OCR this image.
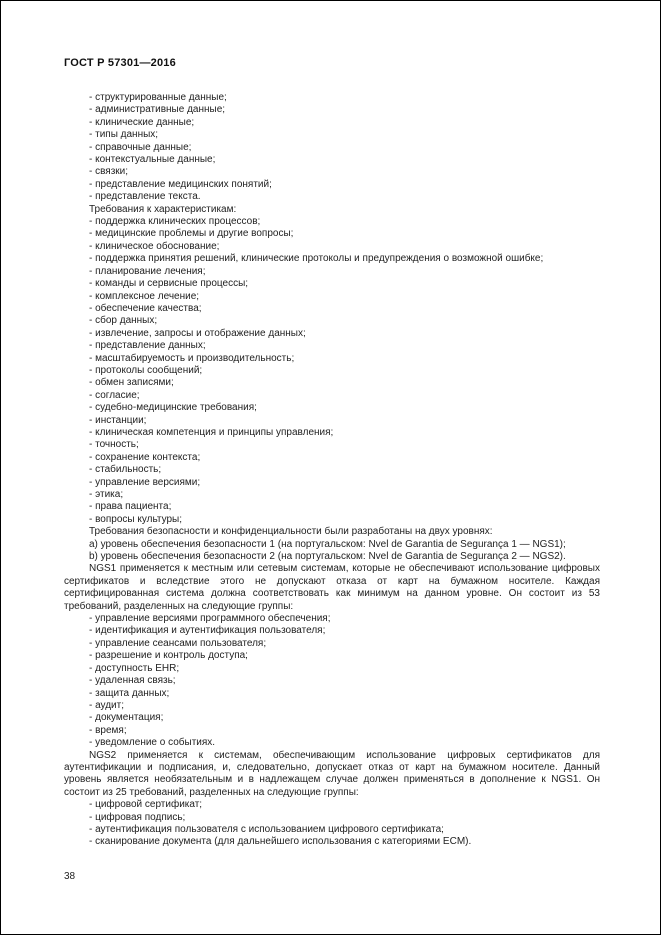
ГОСТ Р 57301—2016
- структурированные данные;
- административные данные;
- клинические данные;
- типы данных;
- справочные данные;
- контекстуальные данные;
- связки;
- представление медицинских понятий;
- представление текста.
Требования к характеристикам:
- поддержка клинических процессов;
- медицинские проблемы и другие вопросы;
- клиническое обоснование;
- поддержка принятия решений, клинические протоколы и предупреждения о возможной ошибке;
- планирование лечения;
- команды и сервисные процессы;
- комплексное лечение;
- обеспечение качества;
- сбор данных;
- извлечение, запросы и отображение данных;
- представление данных;
- масштабируемость и производительность;
- протоколы сообщений;
- обмен записями;
- согласие;
- судебно-медицинские требования;
- инстанции;
- клиническая компетенция и принципы управления;
- точность;
- сохранение контекста;
- стабильность;
- управление версиями;
- этика;
- права пациента;
- вопросы культуры;
Требования безопасности и конфиденциальности были разработаны на двух уровнях:
a) уровень обеспечения безопасности 1 (на португальском: Nvel de Garantia de Segurança 1 — NGS1);
b) уровень обеспечения безопасности 2 (на португальском: Nvel de Garantia de Segurança 2 — NGS2).
NGS1 применяется к местным или сетевым системам, которые не обеспечивают использование цифровых сертификатов и вследствие этого не допускают отказа от карт на бумажном носителе. Каждая сертифицированная система должна соответствовать как минимум на данном уровне. Он состоит из 53 требований, разделенных на следующие группы:
- управление версиями программного обеспечения;
- идентификация и аутентификация пользователя;
- управление сеансами пользователя;
- разрешение и контроль доступа;
- доступность EHR;
- удаленная связь;
- защита данных;
- аудит;
- документация;
- время;
- уведомление о событиях.
NGS2 применяется к системам, обеспечивающим использование цифровых сертификатов для аутентификации и подписания, и, следовательно, допускает отказ от карт на бумажном носителе. Данный уровень является необязательным и в надлежащем случае должен применяться в дополнение к NGS1. Он состоит из 25 требований, разделенных на следующие группы:
- цифровой сертификат;
- цифровая подпись;
- аутентификация пользователя с использованием цифрового сертификата;
- сканирование документа (для дальнейшего использования с категориями ECM).
38
